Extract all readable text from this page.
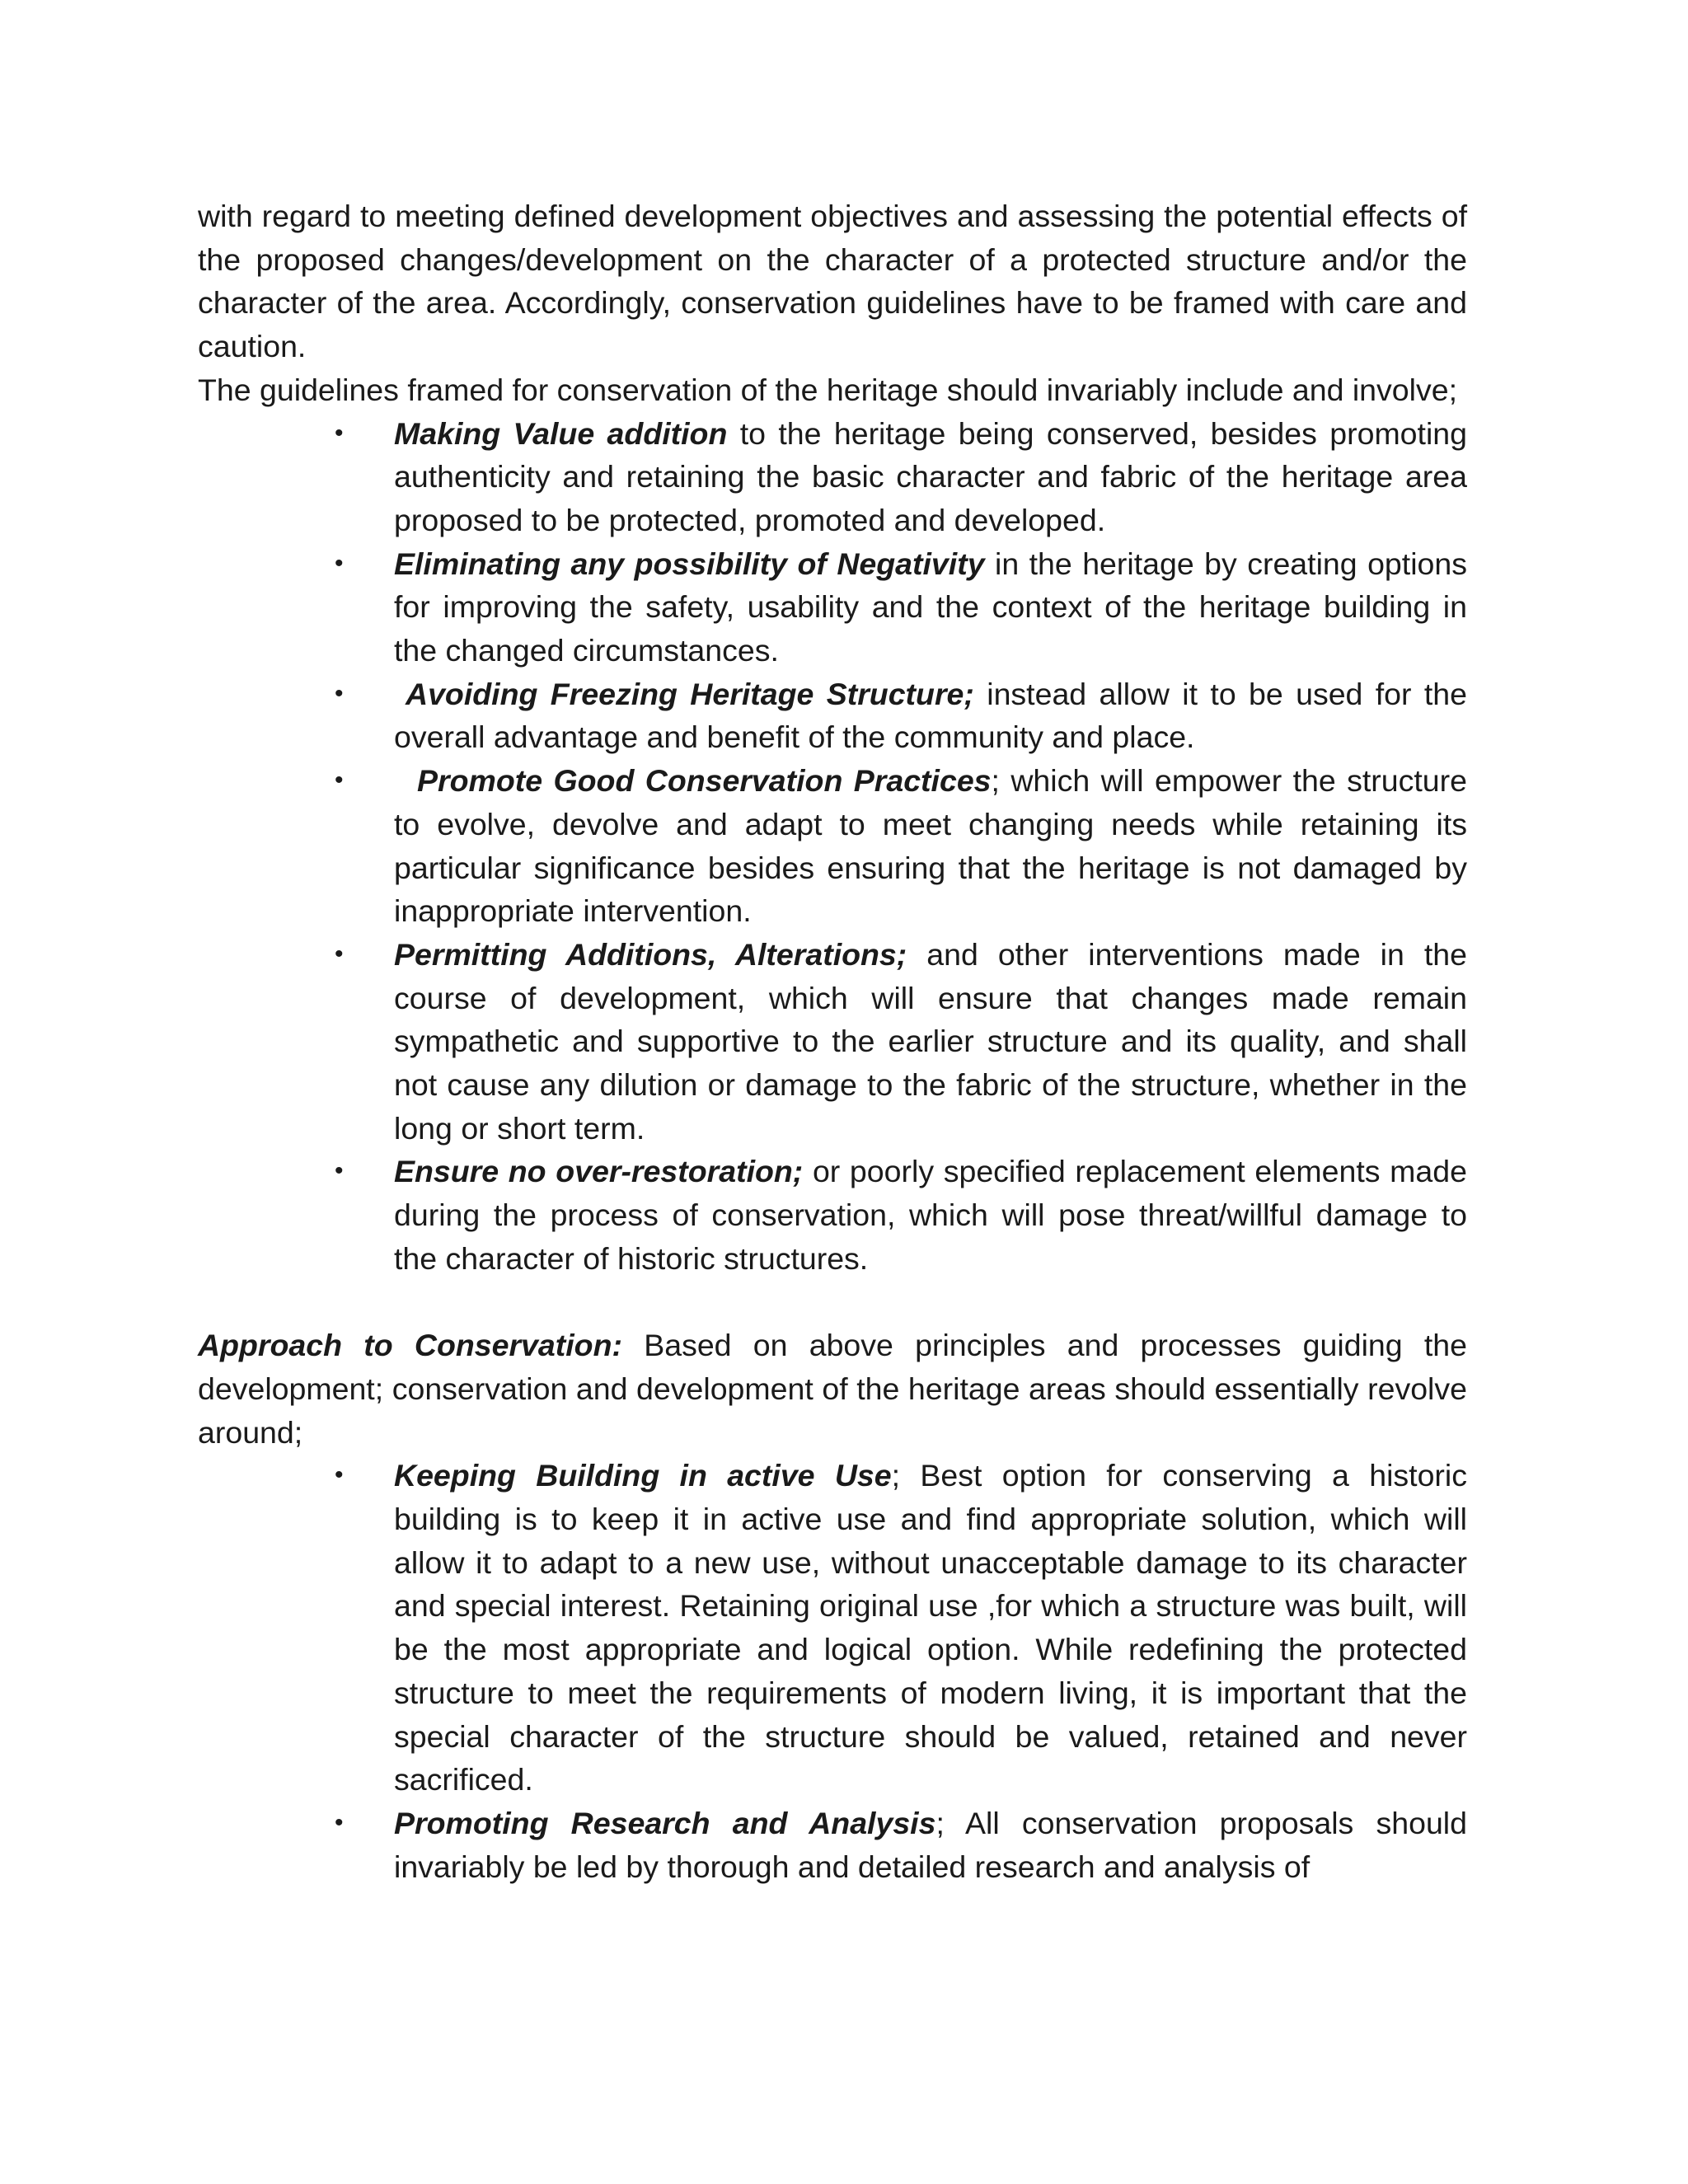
with regard to meeting defined development objectives and assessing the potential effects of the proposed changes/development on the character of a protected structure and/or the character of the area. Accordingly, conservation guidelines have to be framed with care and caution.

The guidelines framed for conservation of the heritage should invariably include and involve;

• Making Value addition to the heritage being conserved, besides promoting authenticity and retaining the basic character and fabric of the heritage area proposed to be protected, promoted and developed.
• Eliminating any possibility of Negativity in the heritage by creating options for improving the safety, usability and the context of the heritage building in the changed circumstances.
• Avoiding Freezing Heritage Structure; instead allow it to be used for the overall advantage and benefit of the community and place.
• Promote Good Conservation Practices; which will empower the structure to evolve, devolve and adapt to meet changing needs while retaining its particular significance besides ensuring that the heritage is not damaged by inappropriate intervention.
• Permitting Additions, Alterations; and other interventions made in the course of development, which will ensure that changes made remain sympathetic and supportive to the earlier structure and its quality, and shall not cause any dilution or damage to the fabric of the structure, whether in the long or short term.
• Ensure no over-restoration; or poorly specified replacement elements made during the process of conservation, which will pose threat/willful damage to the character of historic structures.

Approach to Conservation: Based on above principles and processes guiding the development; conservation and development of the heritage areas should essentially revolve around;

• Keeping Building in active Use; Best option for conserving a historic building is to keep it in active use and find appropriate solution, which will allow it to adapt to a new use, without unacceptable damage to its character and special interest. Retaining original use ,for which a structure was built, will be the most appropriate and logical option. While redefining the protected structure to meet the requirements of modern living, it is important that the special character of the structure should be valued, retained and never sacrificed.
• Promoting Research and Analysis; All conservation proposals should invariably be led by thorough and detailed research and analysis of
